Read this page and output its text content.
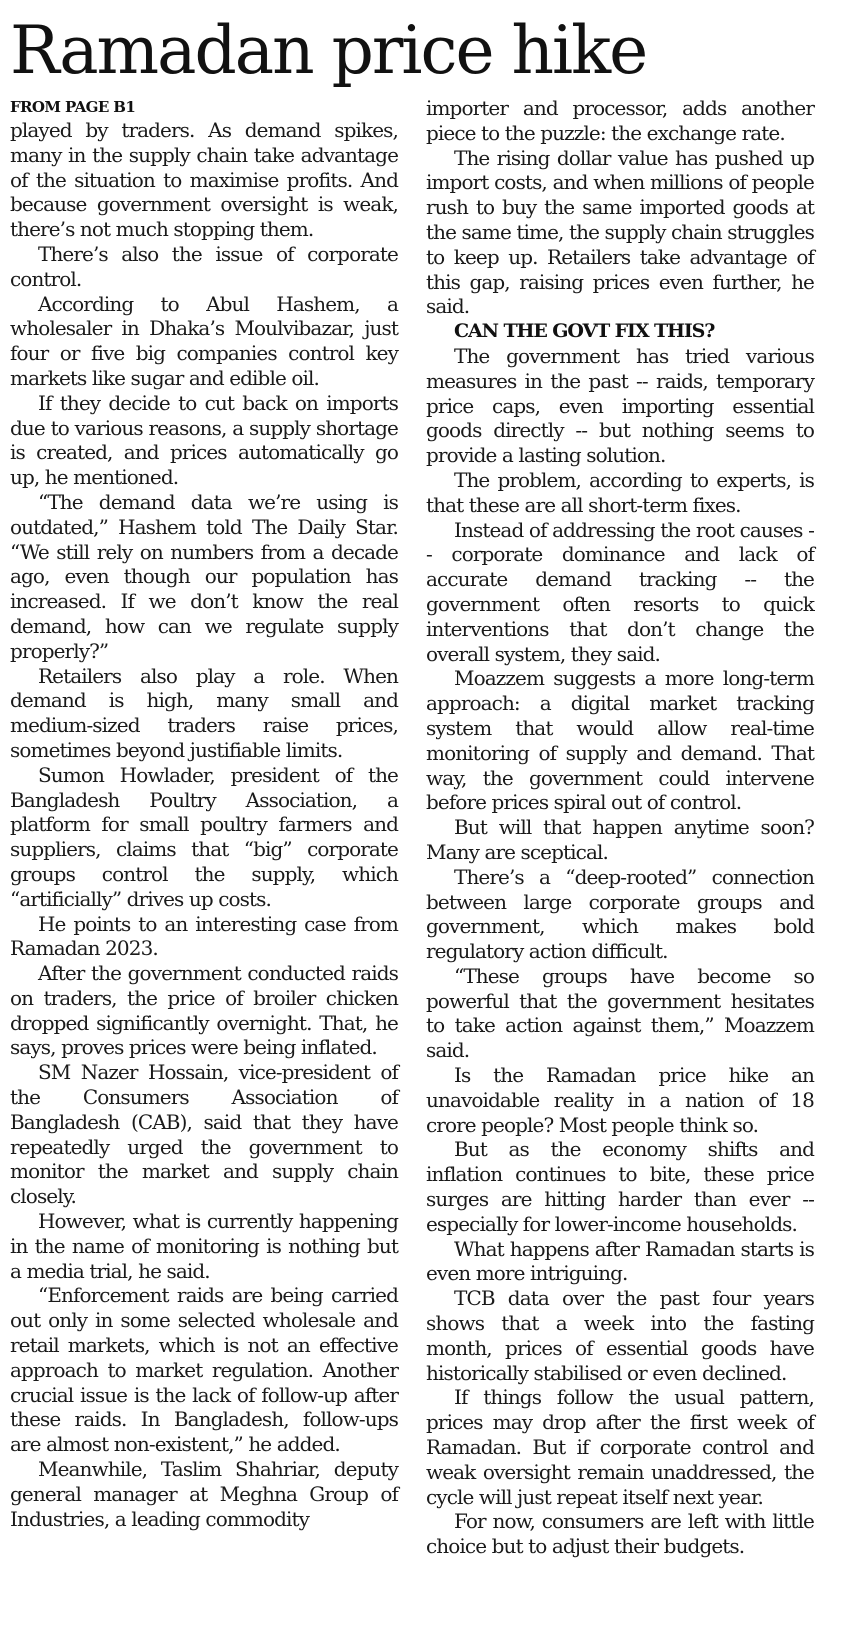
Ramadan price hike
FROM PAGE B1

played by traders. As demand spikes, many in the supply chain take advantage of the situation to maximise profits. And because government oversight is weak, there’s not much stopping them.

There’s also the issue of corporate control.

According to Abul Hashem, a wholesaler in Dhaka’s Moulvibazar, just four or five big companies control key markets like sugar and edible oil.

If they decide to cut back on imports due to various reasons, a supply shortage is created, and prices automatically go up, he mentioned.

“The demand data we’re using is outdated,” Hashem told The Daily Star. “We still rely on numbers from a decade ago, even though our population has increased. If we don’t know the real demand, how can we regulate supply properly?”

Retailers also play a role. When demand is high, many small and medium-sized traders raise prices, sometimes beyond justifiable limits.

Sumon Howlader, president of the Bangladesh Poultry Association, a platform for small poultry farmers and suppliers, claims that “big” corporate groups control the supply, which “artificially” drives up costs.

He points to an interesting case from Ramadan 2023.

After the government conducted raids on traders, the price of broiler chicken dropped significantly overnight. That, he says, proves prices were being inflated.

SM Nazer Hossain, vice-president of the Consumers Association of Bangladesh (CAB), said that they have repeatedly urged the government to monitor the market and supply chain closely.

However, what is currently happening in the name of monitoring is nothing but a media trial, he said.

“Enforcement raids are being carried out only in some selected wholesale and retail markets, which is not an effective approach to market regulation. Another crucial issue is the lack of follow-up after these raids. In Bangladesh, follow-ups are almost non-existent,” he added.

Meanwhile, Taslim Shahriar, deputy general manager at Meghna Group of Industries, a leading commodity

importer and processor, adds another piece to the puzzle: the exchange rate.

The rising dollar value has pushed up import costs, and when millions of people rush to buy the same imported goods at the same time, the supply chain struggles to keep up. Retailers take advantage of this gap, raising prices even further, he said.

CAN THE GOVT FIX THIS?

The government has tried various measures in the past -- raids, temporary price caps, even importing essential goods directly -- but nothing seems to provide a lasting solution.

The problem, according to experts, is that these are all short-term fixes.

Instead of addressing the root causes -- corporate dominance and lack of accurate demand tracking -- the government often resorts to quick interventions that don’t change the overall system, they said.

Moazzem suggests a more long-term approach: a digital market tracking system that would allow real-time monitoring of supply and demand. That way, the government could intervene before prices spiral out of control.

But will that happen anytime soon? Many are sceptical.

There’s a “deep-rooted” connection between large corporate groups and government, which makes bold regulatory action difficult.

“These groups have become so powerful that the government hesitates to take action against them,” Moazzem said.

Is the Ramadan price hike an unavoidable reality in a nation of 18 crore people? Most people think so.

But as the economy shifts and inflation continues to bite, these price surges are hitting harder than ever -- especially for lower-income households.

What happens after Ramadan starts is even more intriguing.

TCB data over the past four years shows that a week into the fasting month, prices of essential goods have historically stabilised or even declined.

If things follow the usual pattern, prices may drop after the first week of Ramadan. But if corporate control and weak oversight remain unaddressed, the cycle will just repeat itself next year.

For now, consumers are left with little choice but to adjust their budgets.
